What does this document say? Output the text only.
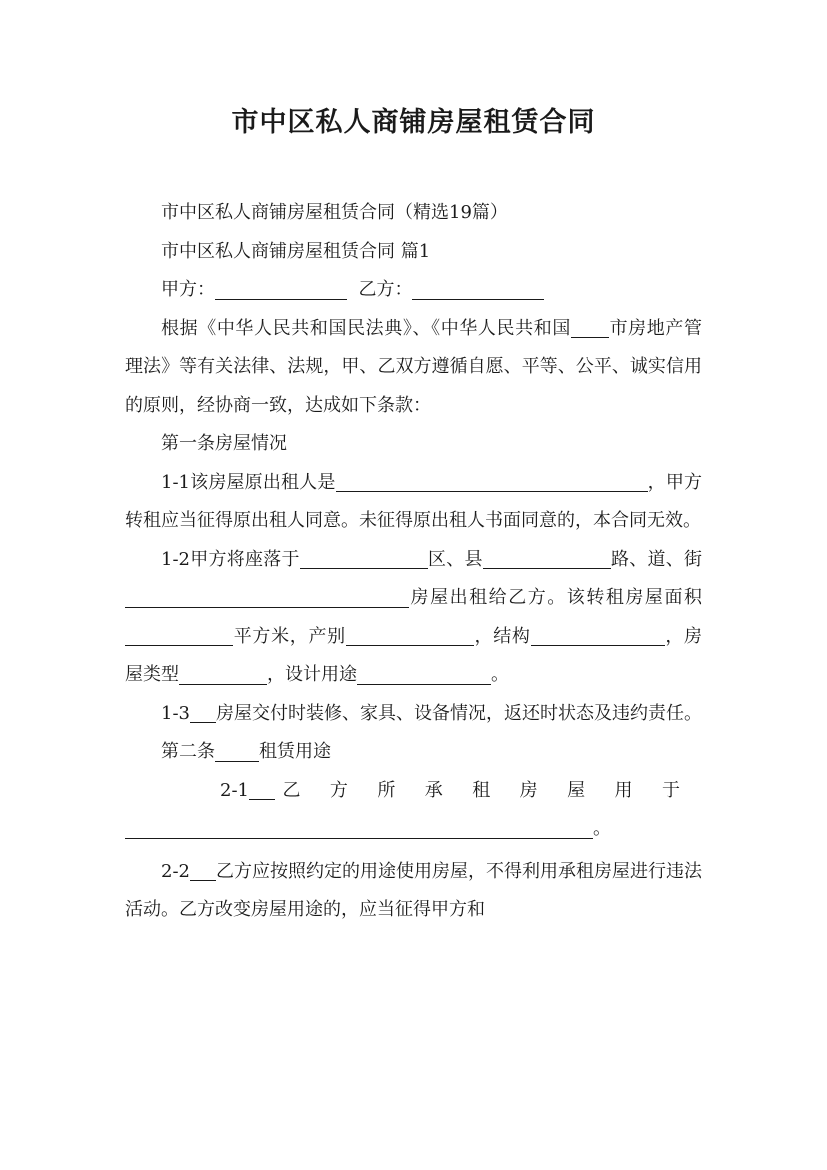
市中区私人商铺房屋租赁合同

市中区私人商铺房屋租赁合同（精选19篇）

市中区私人商铺房屋租赁合同 篇1

甲方：	乙方：

根据《中华人民共和国民法典》、《中华人民共和国 市房地产管理法》等有关法律、法规，甲、乙双方遵循自愿、平等、公平、诚实信用的原则，经协商一致，达成如下条款：

第一条房屋情况

1-1该房屋原出租人是	，甲方转租应当征得原出租人同意。未征得原出租人书面同意的，本合同无效。

1-2甲方将座落于	区、县	路、道、街房屋出租给乙方。该转租房屋面积平方米，产别	，结构	，房屋类型	，设计用途	。

1-3 房屋交付时装修、家具、设备情况，返还时状态及违约责任。

第二条 租赁用途

2-1 乙方所承租房屋用于

。

2-2 乙方应按照约定的用途使用房屋，不得利用承租房屋进行违法活动。乙方改变房屋用途的，应当征得甲方和
